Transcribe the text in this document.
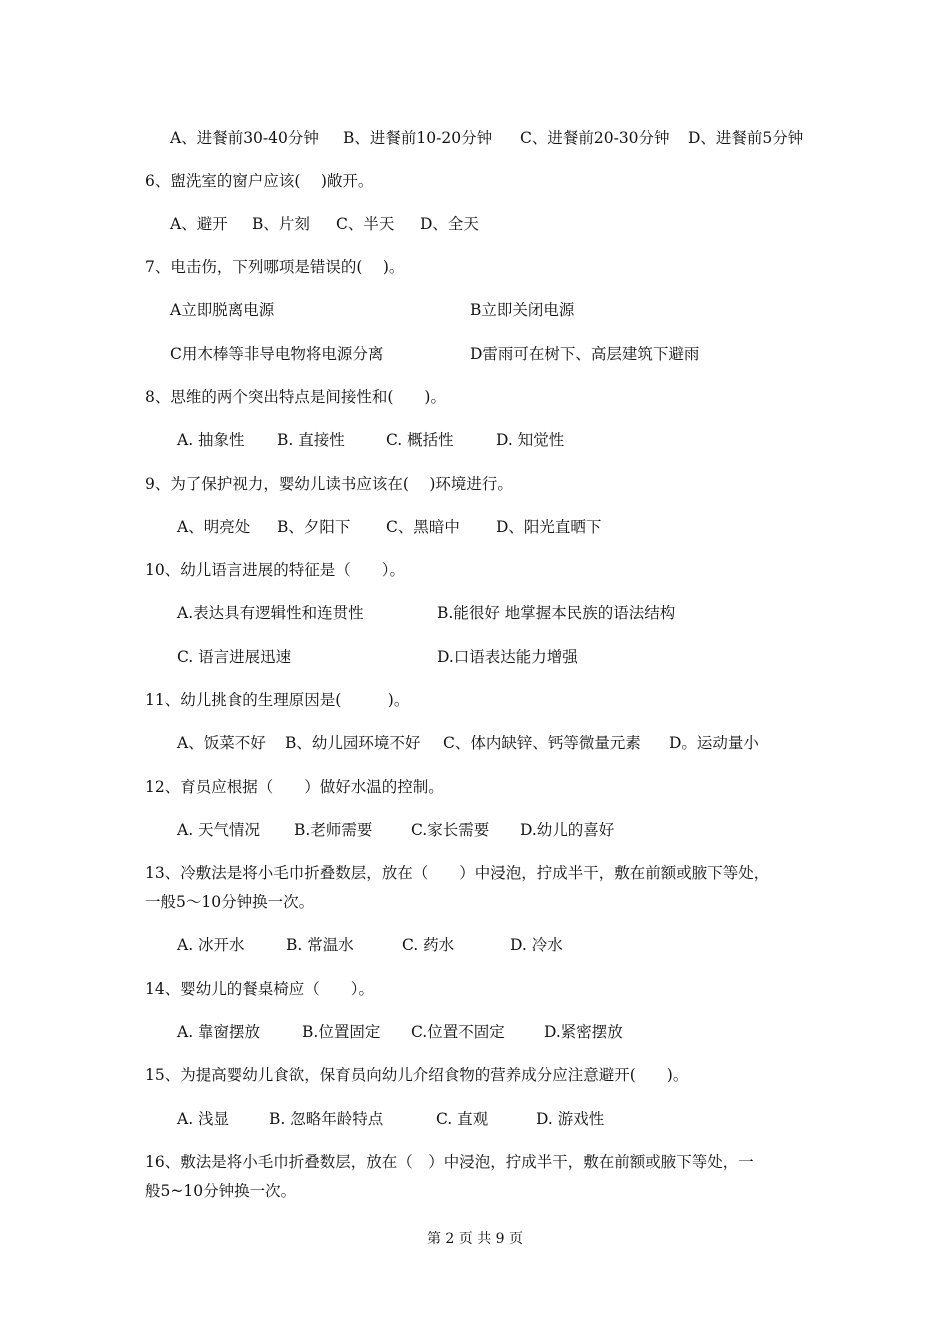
A、进餐前30-40分钟 B、进餐前10-20分钟 C、进餐前20-30分钟 D、进餐前5分钟
6、盥洗室的窗户应该(　 )敞开。
A、避开 B、片刻 C、半天 D、全天
7、电击伤，下列哪项是错误的(　 )。
A立即脱离电源	B立即关闭电源
C用木棒等非导电物将电源分离	D雷雨可在树下、高层建筑下避雨
8、思维的两个突出特点是间接性和(　　)。
A. 抽象性 B. 直接性	C. 概括性	D. 知觉性
9、为了保护视力，婴幼儿读书应该在(　 )环境进行。
A、明亮处 B、夕阳下 C、黑暗中 D、阳光直晒下
10、幼儿语言进展的特征是（　　）。
A.表达具有逻辑性和连贯性	B.能很好 地掌握本民族的语法结构
C. 语言进展迅速	D.口语表达能力增强
11、幼儿挑食的生理原因是(　　　)。
A、饭菜不好 B、幼儿园环境不好 C、体内缺锌、钙等微量元素 D。运动量小
12、育员应根据（　　）做好水温的控制。
A. 天气情况 B.老师需要 C.家长需要 D.幼儿的喜好
13、冷敷法是将小毛巾折叠数层，放在（　　）中浸泡，拧成半干，敷在前额或腋下等处，
一般5～10分钟换一次。
A. 冰开水	B. 常温水	C. 药水	D. 冷水
14、婴幼儿的餐桌椅应（　　）。
A. 靠窗摆放	B.位置固定 C.位置不固定	D.紧密摆放
15、为提高婴幼儿食欲，保育员向幼儿介绍食物的营养成分应注意避开(　　)。
A. 浅显	B. 忽略年龄特点	C. 直观	D. 游戏性
16、敷法是将小毛巾折叠数层，放在（　）中浸泡，拧成半干，敷在前额或腋下等处，一
般5~10分钟换一次。
第 2 页 共 9 页
